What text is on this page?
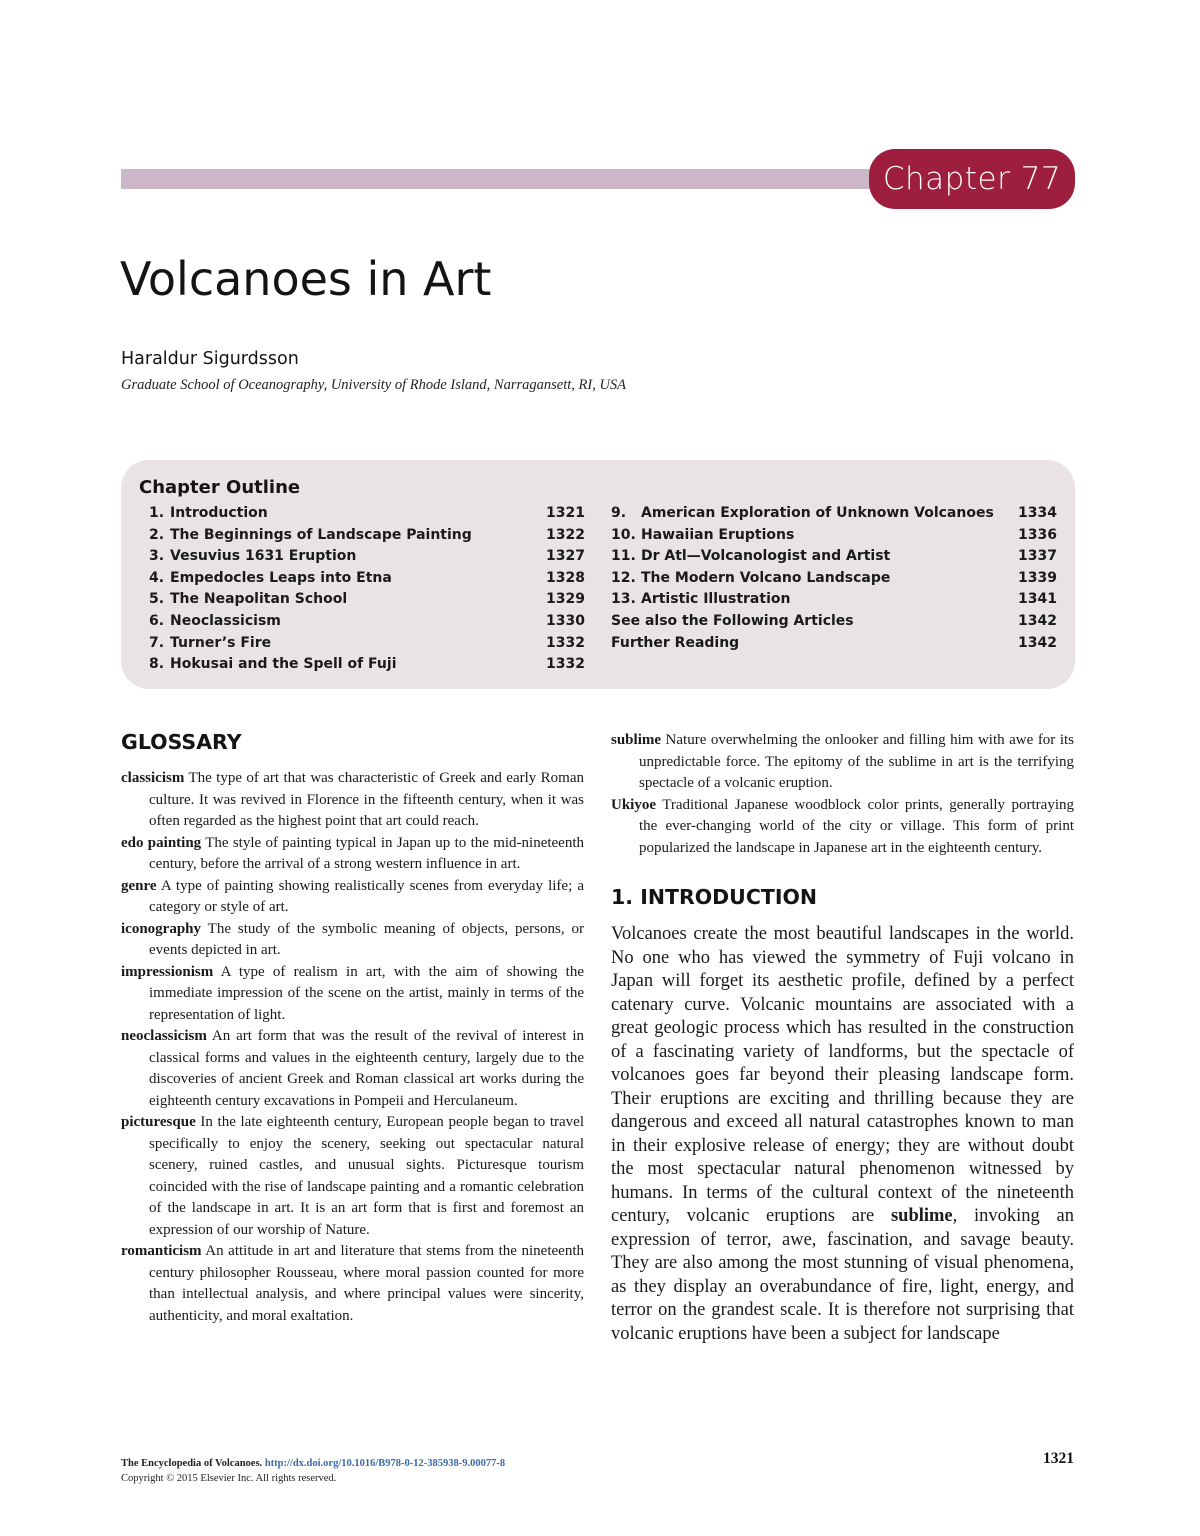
Chapter 77
Volcanoes in Art
Haraldur Sigurdsson
Graduate School of Oceanography, University of Rhode Island, Narragansett, RI, USA
Chapter Outline
1. Introduction	1321
2. The Beginnings of Landscape Painting	1322
3. Vesuvius 1631 Eruption	1327
4. Empedocles Leaps into Etna	1328
5. The Neapolitan School	1329
6. Neoclassicism	1330
7. Turner’s Fire	1332
8. Hokusai and the Spell of Fuji	1332
9. American Exploration of Unknown Volcanoes 1334
10. Hawaiian Eruptions	1336
11. Dr Atl—Volcanologist and Artist	1337
12. The Modern Volcano Landscape	1339
13. Artistic Illustration	1341
See also the Following Articles	1342
Further Reading	1342
GLOSSARY

classicism The type of art that was characteristic of Greek and early Roman culture. It was revived in Florence in the fifteenth century, when it was often regarded as the highest point that art could reach.

edo painting The style of painting typical in Japan up to the mid-nineteenth century, before the arrival of a strong western influence in art.

genre A type of painting showing realistically scenes from everyday life; a category or style of art.

iconography The study of the symbolic meaning of objects, persons, or events depicted in art.

impressionism A type of realism in art, with the aim of showing the immediate impression of the scene on the artist, mainly in terms of the representation of light.

neoclassicism An art form that was the result of the revival of interest in classical forms and values in the eighteenth century, largely due to the discoveries of ancient Greek and Roman classical art works during the eighteenth century excavations in Pompeii and Herculaneum.

picturesque In the late eighteenth century, European people began to travel specifically to enjoy the scenery, seeking out spectacular natural scenery, ruined castles, and unusual sights. Picturesque tourism coincided with the rise of landscape painting and a romantic celebration of the landscape in art. It is an art form that is first and foremost an expression of our worship of Nature.

romanticism An attitude in art and literature that stems from the nineteenth century philosopher Rousseau, where moral passion counted for more than intellectual analysis, and where principal values were sincerity, authenticity, and moral exaltation.

sublime Nature overwhelming the onlooker and filling him with awe for its unpredictable force. The epitomy of the sublime in art is the terrifying spectacle of a volcanic eruption.

Ukiyoe Traditional Japanese woodblock color prints, generally portraying the ever-changing world of the city or village. This form of print popularized the landscape in Japanese art in the eighteenth century.

1. INTRODUCTION

Volcanoes create the most beautiful landscapes in the world. No one who has viewed the symmetry of Fuji volcano in Japan will forget its aesthetic profile, defined by a perfect catenary curve. Volcanic mountains are associated with a great geologic process which has resulted in the construction of a fascinating variety of landforms, but the spectacle of volcanoes goes far beyond their pleasing landscape form. Their eruptions are exciting and thrilling because they are dangerous and exceed all natural catastrophes known to man in their explosive release of energy; they are without doubt the most spectacular natural phenomenon witnessed by humans. In terms of the cultural context of the nineteenth century, volcanic eruptions are sublime, invoking an expression of terror, awe, fascination, and savage beauty. They are also among the most stunning of visual phenomena, as they display an overabundance of fire, light, energy, and terror on the grandest scale. It is therefore not surprising that volcanic eruptions have been a subject for landscape

The Encyclopedia of Volcanoes. http://dx.doi.org/10.1016/B978-0-12-385938-9.00077-8
Copyright © 2015 Elsevier Inc. All rights reserved.
1321
